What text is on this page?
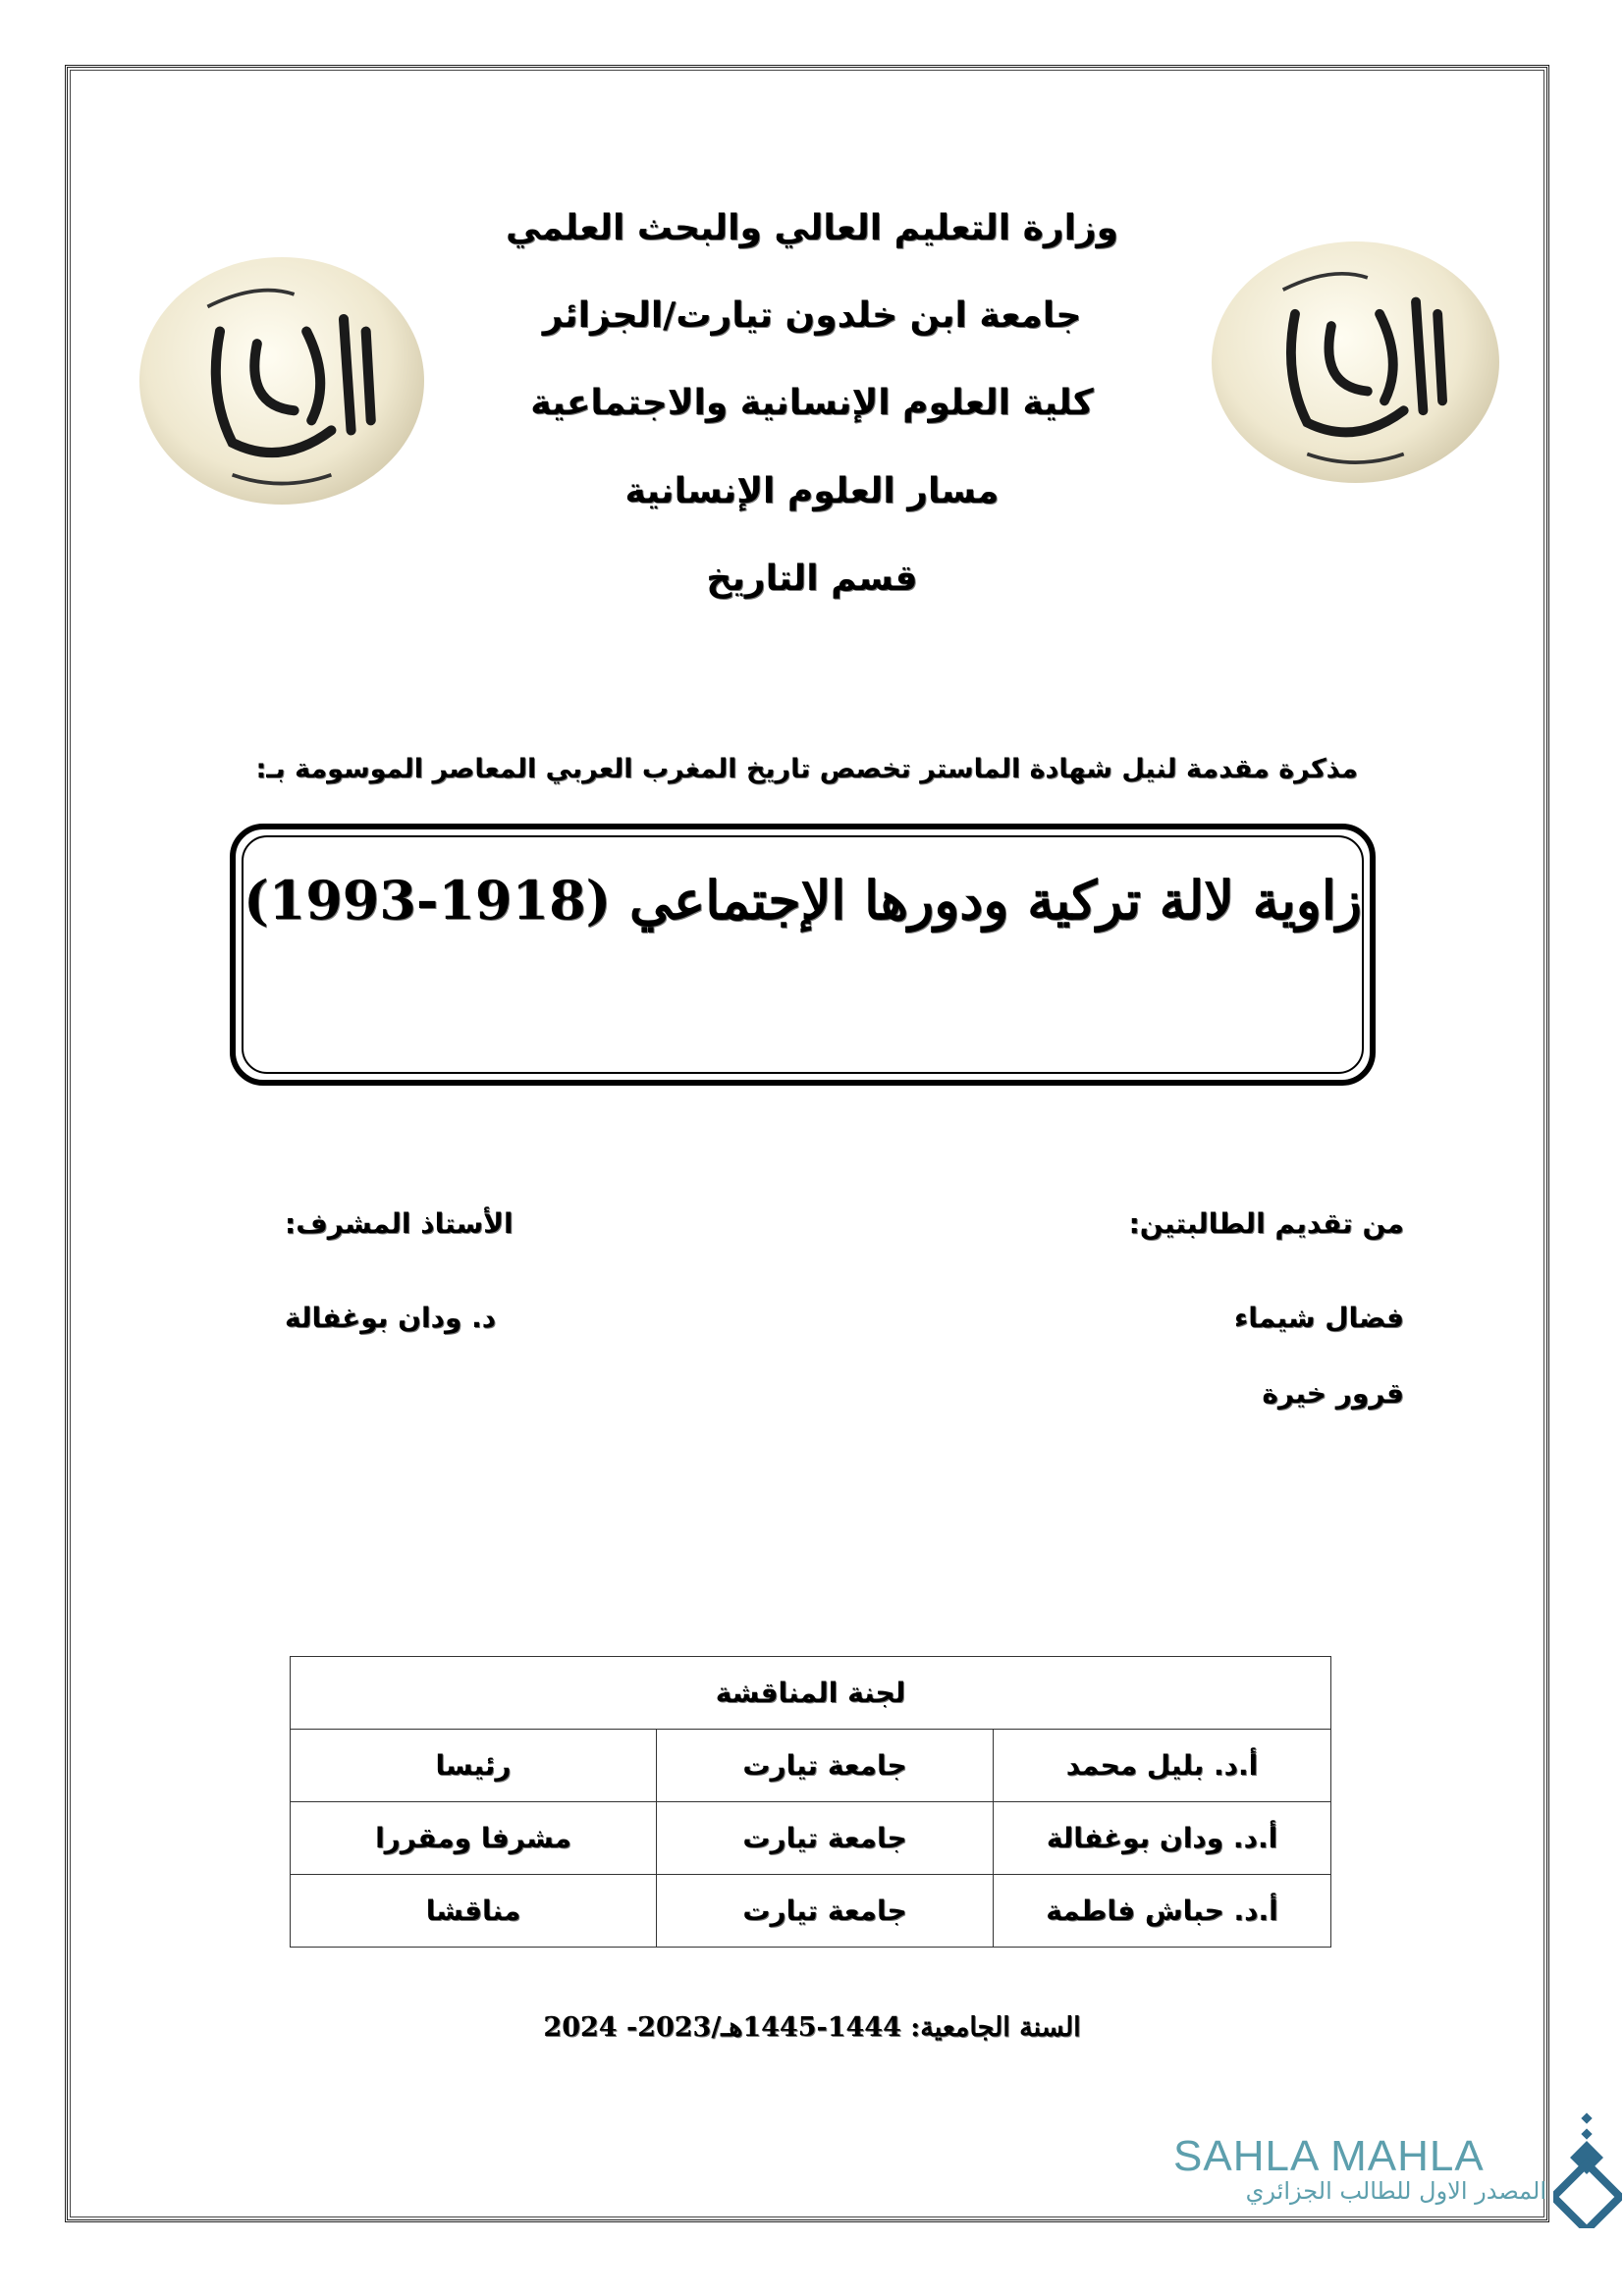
وزارة التعليم العالي والبحث العلمي
جامعة ابن خلدون تيارت/الجزائر
كلية العلوم الإنسانية والاجتماعية
مسار العلوم الإنسانية
قسم التاريخ
مذكرة مقدمة لنيل شهادة الماستر تخصص تاريخ المغرب العربي المعاصر الموسومة بـ:
زاوية لالة تركية ودورها الإجتماعي (1918-1993)
من تقديم الطالبتين:
الأستاذ المشرف:
فضال شيماء
قرور خيرة
د. ودان بوغفالة
لجنة المناقشة		
أ.د. بليل محمد	جامعة تيارت	رئيسا
أ.د. ودان بوغفالة	جامعة تيارت	مشرفا ومقررا
أ.د. حباش فاطمة	جامعة تيارت	مناقشا
السنة الجامعية: 1444-1445هـ/2023- 2024
SAHLA MAHLA
المصدر الاول للطالب الجزائري
